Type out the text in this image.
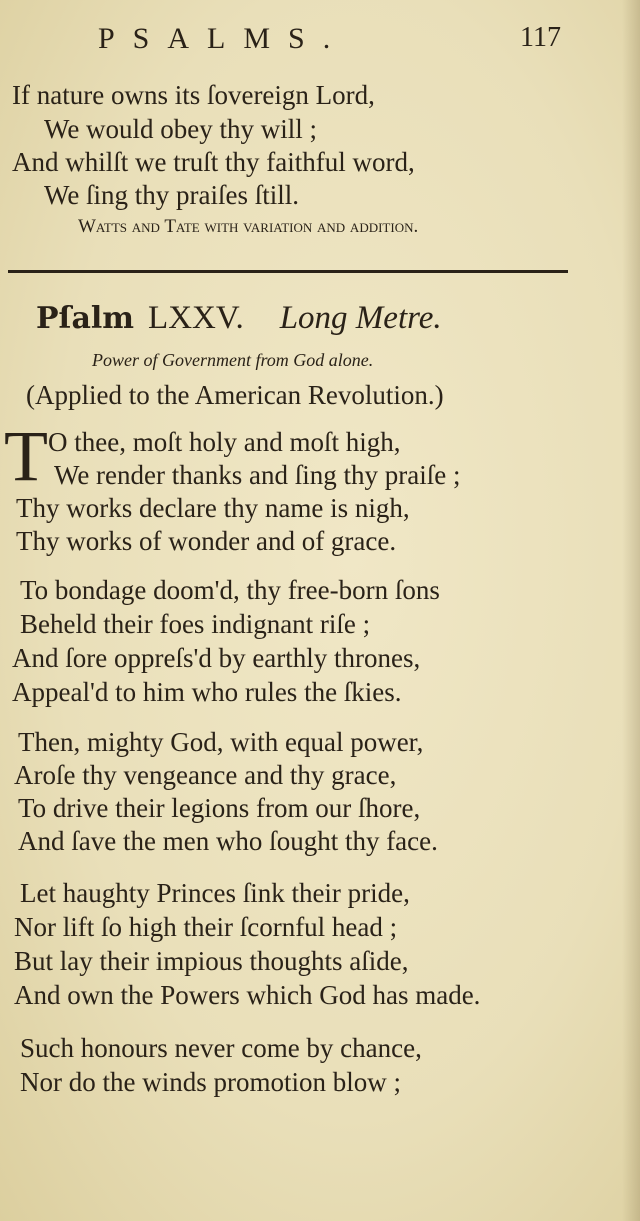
PSALMS.	117
If nature owns its ſovereign Lord,
We would obey thy will ;
And whilſt we truſt thy faithful word,
We ſing thy praiſes ſtill.
Watts and Tate with variation and addition.
Pſalm LXXV. Long Metre.
Power of Government from God alone.
(Applied to the American Revolution.)
T O thee, moſt holy and moſt high,
We render thanks and ſing thy praiſe ;
Thy works declare thy name is nigh,
Thy works of wonder and of grace.
To bondage doom'd, thy free-born ſons
Beheld their foes indignant riſe ;
And ſore oppreſs'd by earthly thrones,
Appeal'd to him who rules the ſkies.
Then, mighty God, with equal power,
Aroſe thy vengeance and thy grace,
To drive their legions from our ſhore,
And ſave the men who ſought thy face.
Let haughty Princes ſink their pride,
Nor lift ſo high their ſcornful head ;
But lay their impious thoughts aſide,
And own the Powers which God has made.
Such honours never come by chance,
Nor do the winds promotion blow ;
